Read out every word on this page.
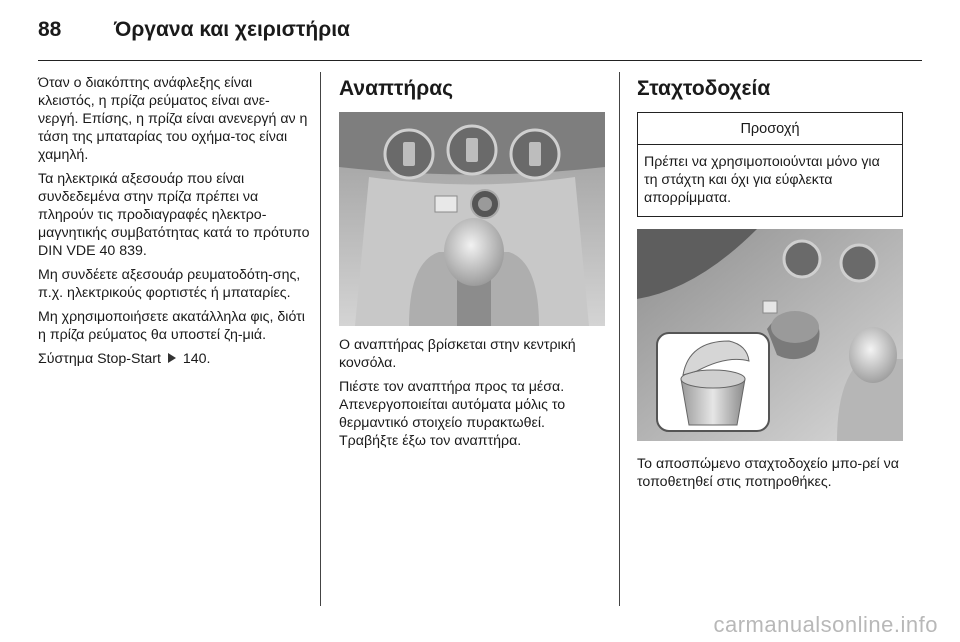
88	Όργανα και χειριστήρια

Όταν ο διακόπτης ανάφλεξης είναι κλειστός, η πρίζα ρεύματος είναι ανε-νεργή. Επίσης, η πρίζα είναι ανενεργή αν η τάση της μπαταρίας του οχήμα-τος είναι χαμηλή.

Τα ηλεκτρικά αξεσουάρ που είναι συνδεδεμένα στην πρίζα πρέπει να πληρούν τις προδιαγραφές ηλεκτρο-μαγνητικής συμβατότητας κατά το πρότυπο DIN VDE 40 839.

Μη συνδέετε αξεσουάρ ρευματοδότη-σης, π.χ. ηλεκτρικούς φορτιστές ή μπαταρίες.

Μη χρησιμοποιήσετε ακατάλληλα φις, διότι η πρίζα ρεύματος θα υποστεί ζη-μιά.

Σύστημα Stop-Start 140.

Αναπτήρας

Ο αναπτήρας βρίσκεται στην κεντρική κονσόλα.

Πιέστε τον αναπτήρα προς τα μέσα. Απενεργοποιείται αυτόματα μόλις το θερμαντικό στοιχείο πυρακτωθεί. Τραβήξτε έξω τον αναπτήρα.

Σταχτοδοχεία
Προσοχή
Πρέπει να χρησιμοποιούνται μόνο για τη στάχτη και όχι για εύφλεκτα απορρίμματα.

Το αποσπώμενο σταχτοδοχείο μπο-ρεί να τοποθετηθεί στις ποτηροθήκες.

carmanualsonline.info
